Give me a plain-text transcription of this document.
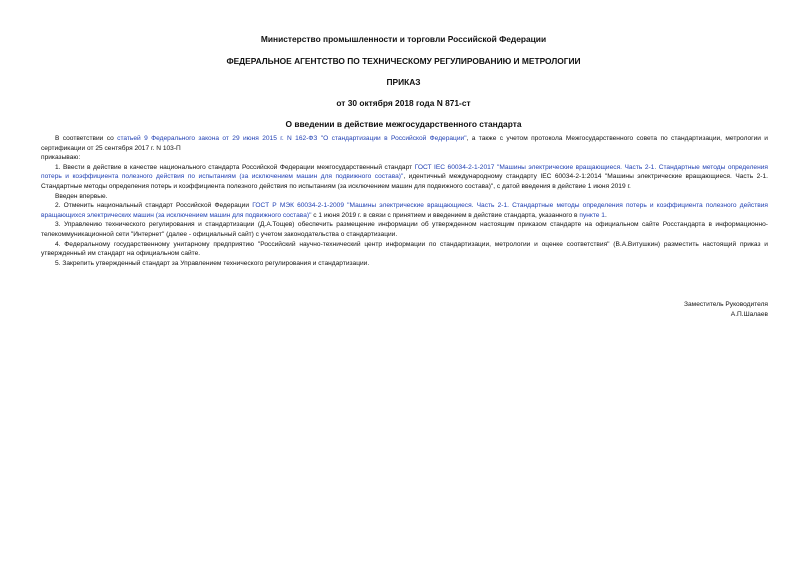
Министерство промышленности и торговли Российской Федерации
ФЕДЕРАЛЬНОЕ АГЕНТСТВО ПО ТЕХНИЧЕСКОМУ РЕГУЛИРОВАНИЮ И МЕТРОЛОГИИ
ПРИКАЗ
от 30 октября 2018 года N 871-ст
О введении в действие межгосударственного стандарта

В соответствии со статьей 9 Федерального закона от 29 июня 2015 г. N 162-ФЗ "О стандартизации в Российской Федерации", а также с учетом протокола Межгосударственного совета по стандартизации, метрологии и сертификации от 25 сентября 2017 г. N 103-П

приказываю:

1. Ввести в действие в качестве национального стандарта Российской Федерации межгосударственный стандарт ГОСТ IEC 60034-2-1-2017 "Машины электрические вращающиеся. Часть 2-1. Стандартные методы определения потерь и коэффициента полезного действия по испытаниям (за исключением машин для подвижного состава)", идентичный международному стандарту IEC 60034-2-1:2014 "Машины электрические вращающиеся. Часть 2-1. Стандартные методы определения потерь и коэффициента полезного действия по испытаниям (за исключением машин для подвижного состава)", с датой введения в действие 1 июня 2019 г.

Введен впервые.

2. Отменить национальный стандарт Российской Федерации ГОСТ Р МЭК 60034-2-1-2009 "Машины электрические вращающиеся. Часть 2-1. Стандартные методы определения потерь и коэффициента полезного действия вращающихся электрических машин (за исключением машин для подвижного состава)" с 1 июня 2019 г. в связи с принятием и введением в действие стандарта, указанного в пункте 1.

3. Управлению технического регулирования и стандартизации (Д.А.Тощев) обеспечить размещение информации об утвержденном настоящим приказом стандарте на официальном сайте Росстандарта в информационно-телекоммуникационной сети "Интернет" (далее - официальный сайт) с учетом законодательства о стандартизации.

4. Федеральному государственному унитарному предприятию "Российский научно-технический центр информации по стандартизации, метрологии и оценке соответствия" (В.А.Витушкин) разместить настоящий приказ и утвержденный им стандарт на официальном сайте.

5. Закрепить утвержденный стандарт за Управлением технического регулирования и стандартизации.

Заместитель Руководителя
А.П.Шалаев
